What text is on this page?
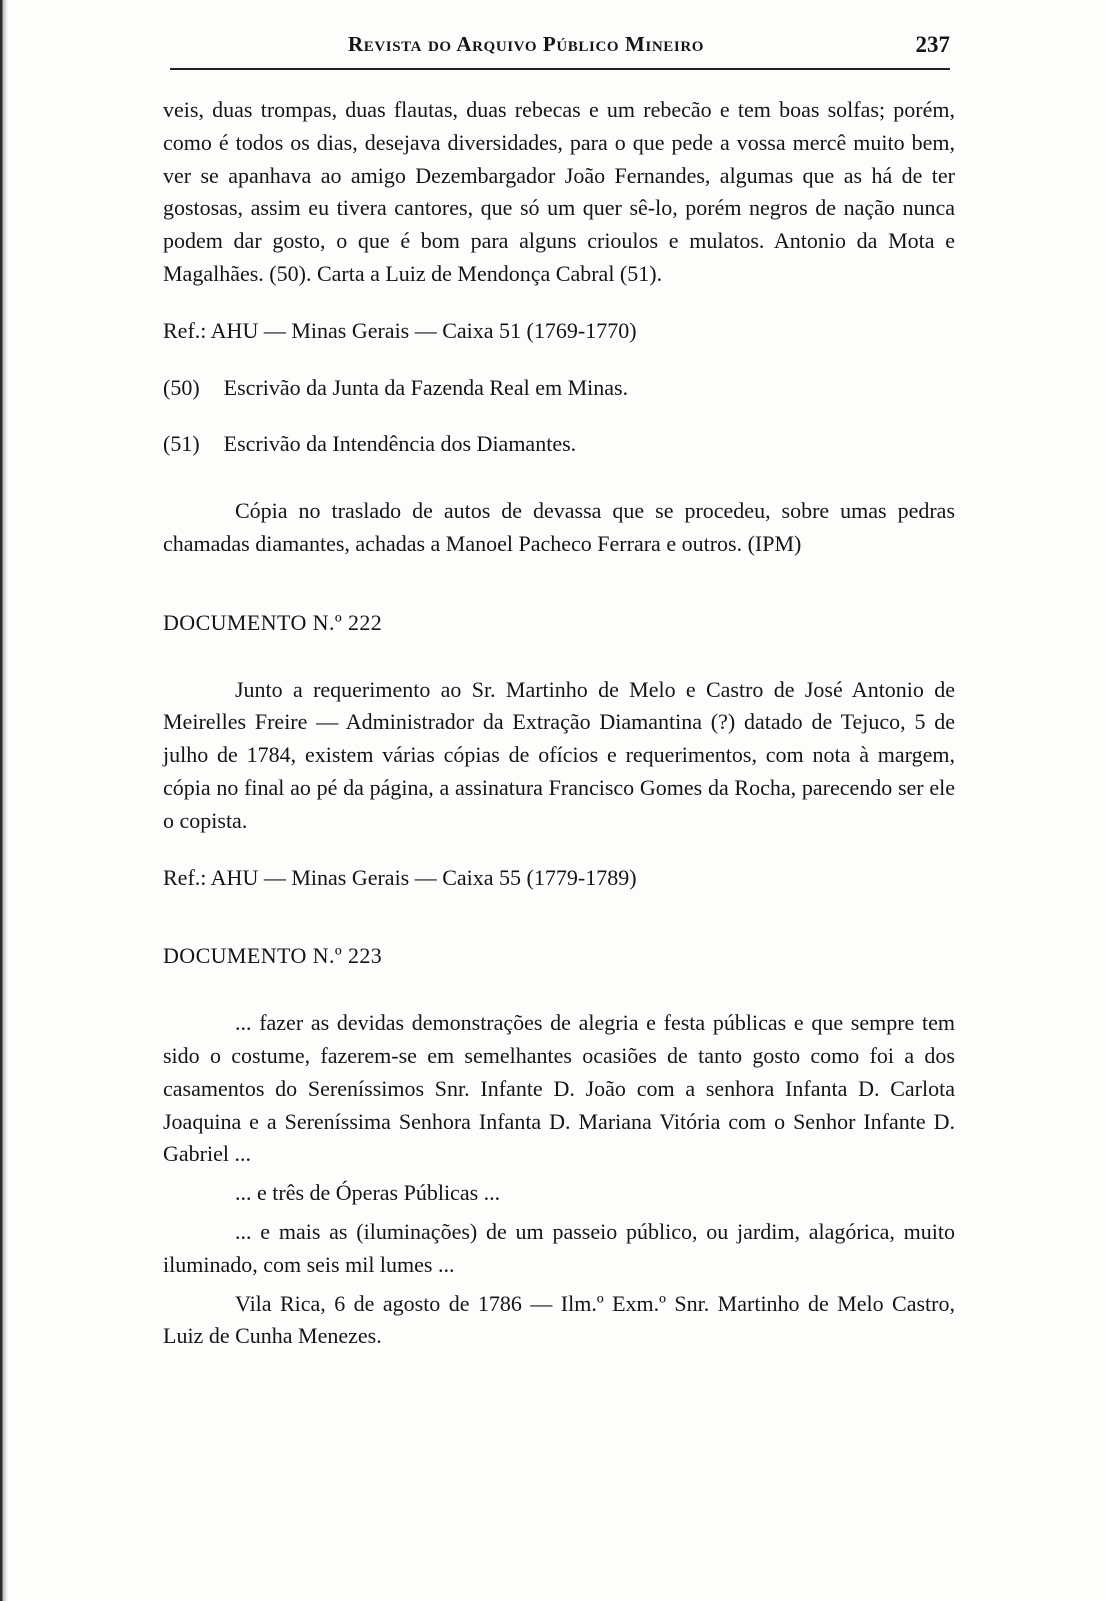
Revista do Arquivo Público Mineiro	237

veis, duas trompas, duas flautas, duas rebecas e um rebecão e tem boas solfas; porém, como é todos os dias, desejava diversidades, para o que pede a vossa mercê muito bem, ver se apanhava ao amigo Dezembargador João Fernandes, algumas que as há de ter gostosas, assim eu tivera cantores, que só um quer sê-lo, porém negros de nação nunca podem dar gosto, o que é bom para alguns crioulos e mulatos. Antonio da Mota e Magalhães. (50). Carta a Luiz de Mendonça Cabral (51).

Ref.: AHU — Minas Gerais — Caixa 51 (1769-1770)

(50) Escrivão da Junta da Fazenda Real em Minas.
(51) Escrivão da Intendência dos Diamantes.

Cópia no traslado de autos de devassa que se procedeu, sobre umas pedras chamadas diamantes, achadas a Manoel Pacheco Ferrara e outros. (IPM)

DOCUMENTO N.º 222

Junto a requerimento ao Sr. Martinho de Melo e Castro de José Antonio de Meirelles Freire — Administrador da Extração Diamantina (?) datado de Tejuco, 5 de julho de 1784, existem várias cópias de ofícios e requerimentos, com nota à margem, cópia no final ao pé da página, a assinatura Francisco Gomes da Rocha, parecendo ser ele o copista.

Ref.: AHU — Minas Gerais — Caixa 55 (1779-1789)

DOCUMENTO N.º 223

... fazer as devidas demonstrações de alegria e festa públicas e que sempre tem sido o costume, fazerem-se em semelhantes ocasiões de tanto gosto como foi a dos casamentos do Sereníssimos Snr. Infante D. João com a senhora Infanta D. Carlota Joaquina e a Sereníssima Senhora Infanta D. Mariana Vitória com o Senhor Infante D. Gabriel ...

... e três de Óperas Públicas ...

... e mais as (iluminações) de um passeio público, ou jardim, alagórica, muito iluminado, com seis mil lumes ...

Vila Rica, 6 de agosto de 1786 — Ilm.º Exm.º Snr. Martinho de Melo Castro, Luiz de Cunha Menezes.
